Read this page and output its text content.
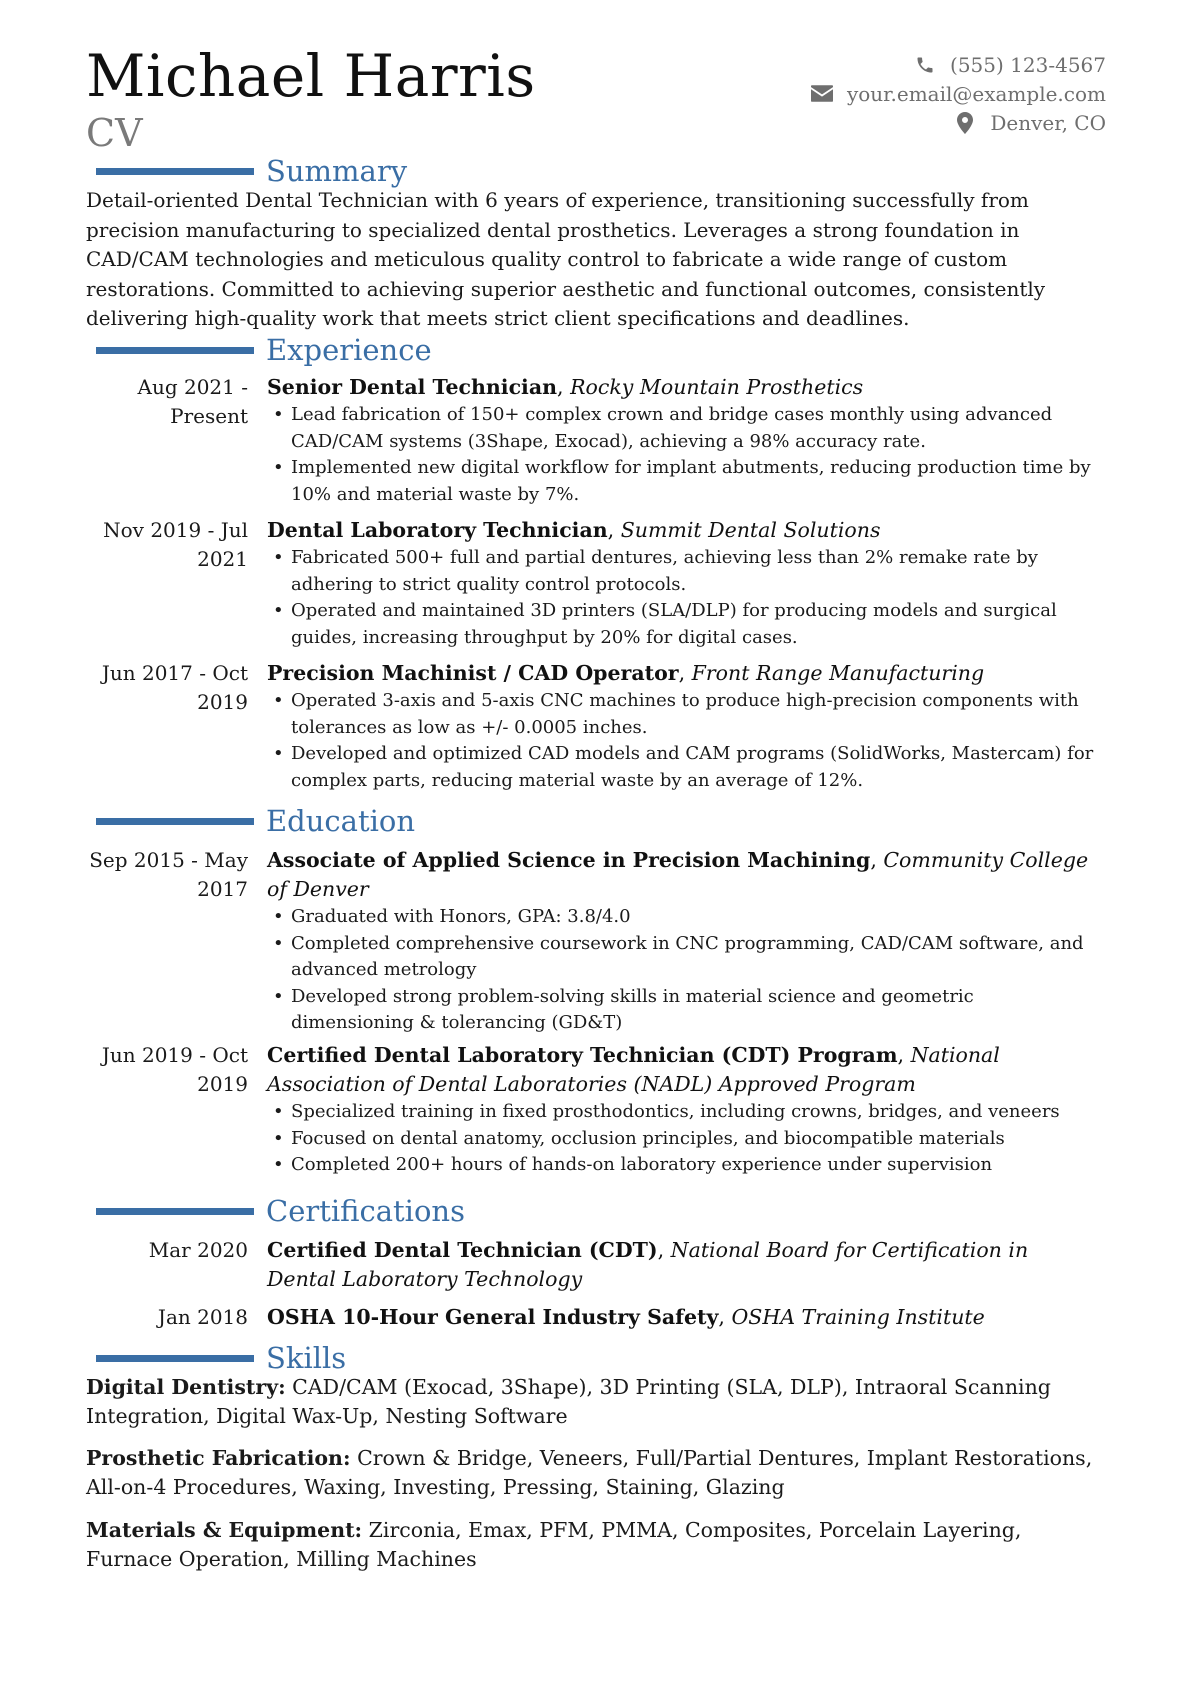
Michael Harris
CV
(555) 123-4567
your.email@example.com
Denver, CO
Summary
Detail-oriented Dental Technician with 6 years of experience, transitioning successfully from precision manufacturing to specialized dental prosthetics. Leverages a strong foundation in CAD/CAM technologies and meticulous quality control to fabricate a wide range of custom restorations. Committed to achieving superior aesthetic and functional outcomes, consistently delivering high-quality work that meets strict client specifications and deadlines.
Experience
Aug 2021 - Present
Senior Dental Technician, Rocky Mountain Prosthetics
• Lead fabrication of 150+ complex crown and bridge cases monthly using advanced CAD/CAM systems (3Shape, Exocad), achieving a 98% accuracy rate.
• Implemented new digital workflow for implant abutments, reducing production time by 10% and material waste by 7%.
Nov 2019 - Jul 2021
Dental Laboratory Technician, Summit Dental Solutions
• Fabricated 500+ full and partial dentures, achieving less than 2% remake rate by adhering to strict quality control protocols.
• Operated and maintained 3D printers (SLA/DLP) for producing models and surgical guides, increasing throughput by 20% for digital cases.
Jun 2017 - Oct 2019
Precision Machinist / CAD Operator, Front Range Manufacturing
• Operated 3-axis and 5-axis CNC machines to produce high-precision components with tolerances as low as +/- 0.0005 inches.
• Developed and optimized CAD models and CAM programs (SolidWorks, Mastercam) for complex parts, reducing material waste by an average of 12%.
Education
Sep 2015 - May 2017
Associate of Applied Science in Precision Machining, Community College of Denver
• Graduated with Honors, GPA: 3.8/4.0
• Completed comprehensive coursework in CNC programming, CAD/CAM software, and advanced metrology
• Developed strong problem-solving skills in material science and geometric dimensioning & tolerancing (GD&T)
Jun 2019 - Oct 2019
Certified Dental Laboratory Technician (CDT) Program, National Association of Dental Laboratories (NADL) Approved Program
• Specialized training in fixed prosthodontics, including crowns, bridges, and veneers
• Focused on dental anatomy, occlusion principles, and biocompatible materials
• Completed 200+ hours of hands-on laboratory experience under supervision
Certifications
Mar 2020 Certified Dental Technician (CDT), National Board for Certification in Dental Laboratory Technology
Jan 2018 OSHA 10-Hour General Industry Safety, OSHA Training Institute
Skills
Digital Dentistry: CAD/CAM (Exocad, 3Shape), 3D Printing (SLA, DLP), Intraoral Scanning Integration, Digital Wax-Up, Nesting Software
Prosthetic Fabrication: Crown & Bridge, Veneers, Full/Partial Dentures, Implant Restorations, All-on-4 Procedures, Waxing, Investing, Pressing, Staining, Glazing
Materials & Equipment: Zirconia, Emax, PFM, PMMA, Composites, Porcelain Layering, Furnace Operation, Milling Machines
